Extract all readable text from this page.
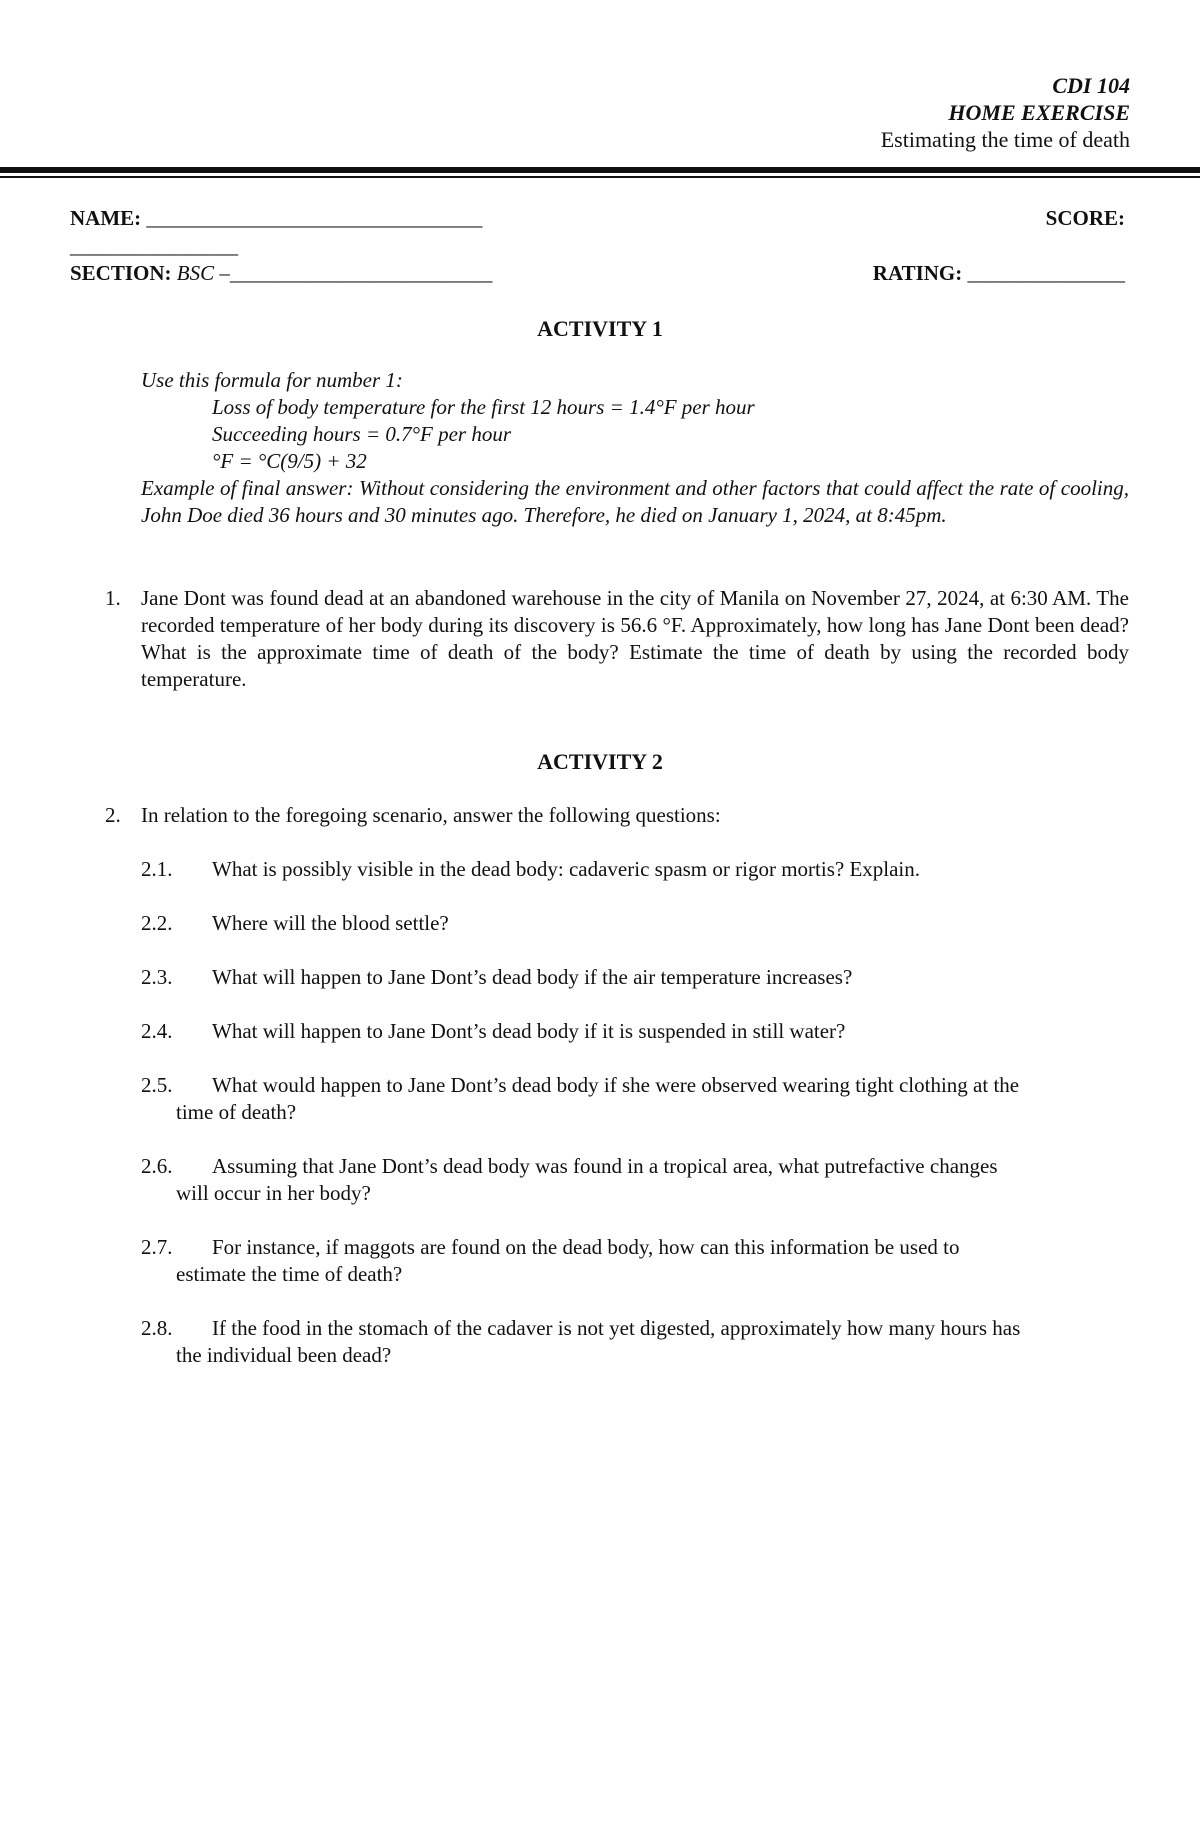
CDI 104
HOME EXERCISE
Estimating the time of death
NAME: ________________________________	SCORE:
________________
SECTION: BSC –_________________________	RATING: _______________
ACTIVITY 1
Use this formula for number 1:
Loss of body temperature for the first 12 hours = 1.4°F per hour
Succeeding hours = 0.7°F per hour
°F = °C(9/5) + 32
Example of final answer: Without considering the environment and other factors that could affect the rate of cooling, John Doe died 36 hours and 30 minutes ago. Therefore, he died on January 1, 2024, at 8:45pm.
1. Jane Dont was found dead at an abandoned warehouse in the city of Manila on November 27, 2024, at 6:30 AM. The recorded temperature of her body during its discovery is 56.6 °F. Approximately, how long has Jane Dont been dead? What is the approximate time of death of the body? Estimate the time of death by using the recorded body temperature.
ACTIVITY 2
2. In relation to the foregoing scenario, answer the following questions:
2.1. What is possibly visible in the dead body: cadaveric spasm or rigor mortis? Explain.
2.2. Where will the blood settle?
2.3. What will happen to Jane Dont’s dead body if the air temperature increases?
2.4. What will happen to Jane Dont’s dead body if it is suspended in still water?
2.5. What would happen to Jane Dont’s dead body if she were observed wearing tight clothing at the
time of death?
2.6. Assuming that Jane Dont’s dead body was found in a tropical area, what putrefactive changes
will occur in her body?
2.7. For instance, if maggots are found on the dead body, how can this information be used to
estimate the time of death?
2.8. If the food in the stomach of the cadaver is not yet digested, approximately how many hours has
the individual been dead?
